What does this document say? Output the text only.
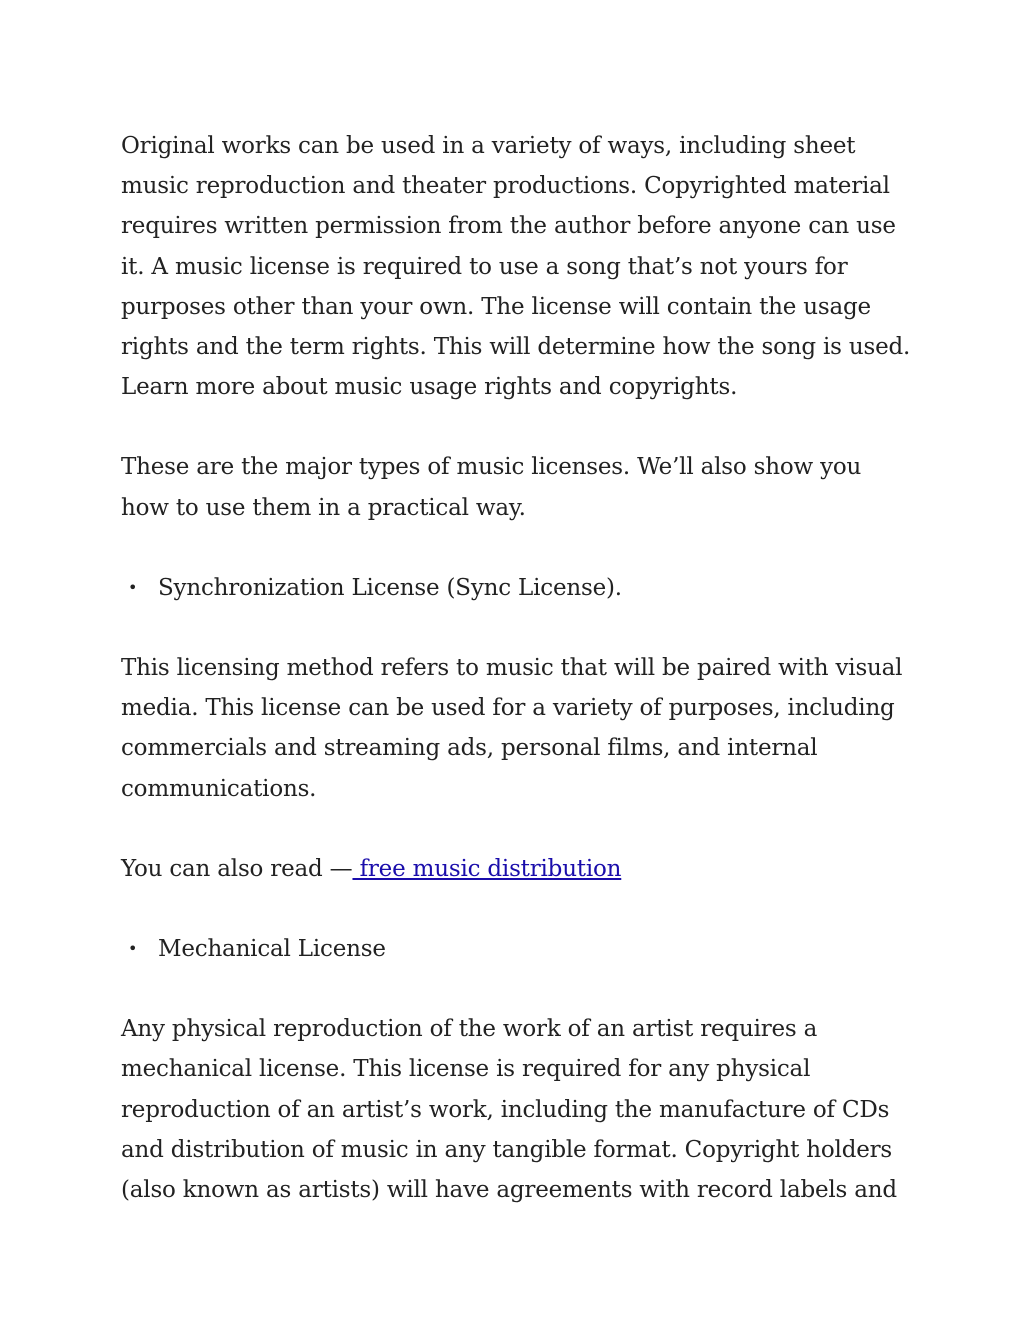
Original works can be used in a variety of ways, including sheet music reproduction and theater productions. Copyrighted material requires written permission from the author before anyone can use it. A music license is required to use a song that’s not yours for purposes other than your own. The license will contain the usage rights and the term rights. This will determine how the song is used. Learn more about music usage rights and copyrights.

These are the major types of music licenses. We’ll also show you how to use them in a practical way.

• Synchronization License (Sync License).

This licensing method refers to music that will be paired with visual media. This license can be used for a variety of purposes, including commercials and streaming ads, personal films, and internal communications.

You can also read — free music distribution

• Mechanical License

Any physical reproduction of the work of an artist requires a mechanical license. This license is required for any physical reproduction of an artist’s work, including the manufacture of CDs and distribution of music in any tangible format. Copyright holders (also known as artists) will have agreements with record labels and
